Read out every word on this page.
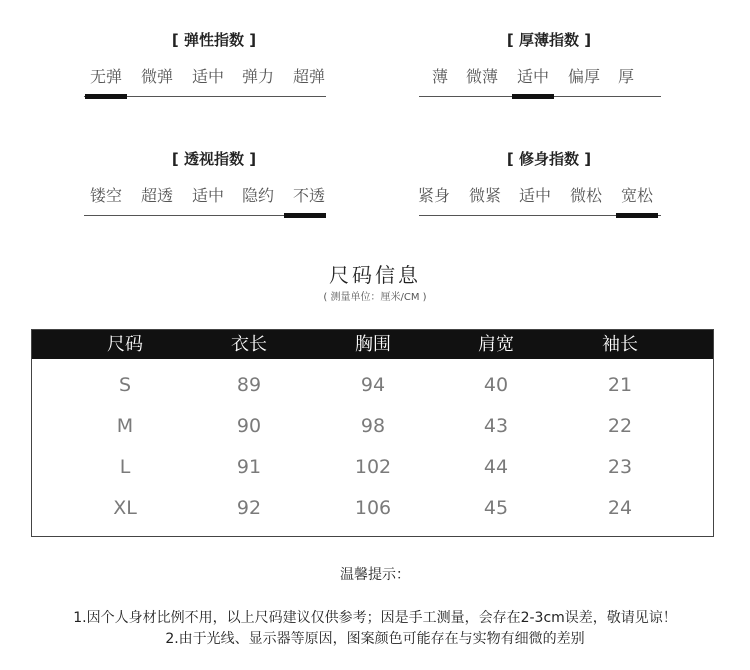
[ 弹性指数 ]
无弹	微弹	适中	弹力	超弹
[ 厚薄指数 ]
薄	微薄	适中	偏厚	厚
[ 透视指数 ]
镂空	超透	适中	隐约	不透
[ 修身指数 ]
紧身	微紧	适中	微松	宽松
尺码信息
( 测量单位：厘米/CM )
尺码	衣长	胸围	肩宽	袖长
S	89	94	40	21
M	90	98	43	22
L	91	102	44	23
XL	92	106	45	24
温馨提示：
1.因个人身材比例不用，以上尺码建议仅供参考；因是手工测量，会存在2-3cm误差，敬请见谅！
2.由于光线、显示器等原因，图案颜色可能存在与实物有细微的差别
